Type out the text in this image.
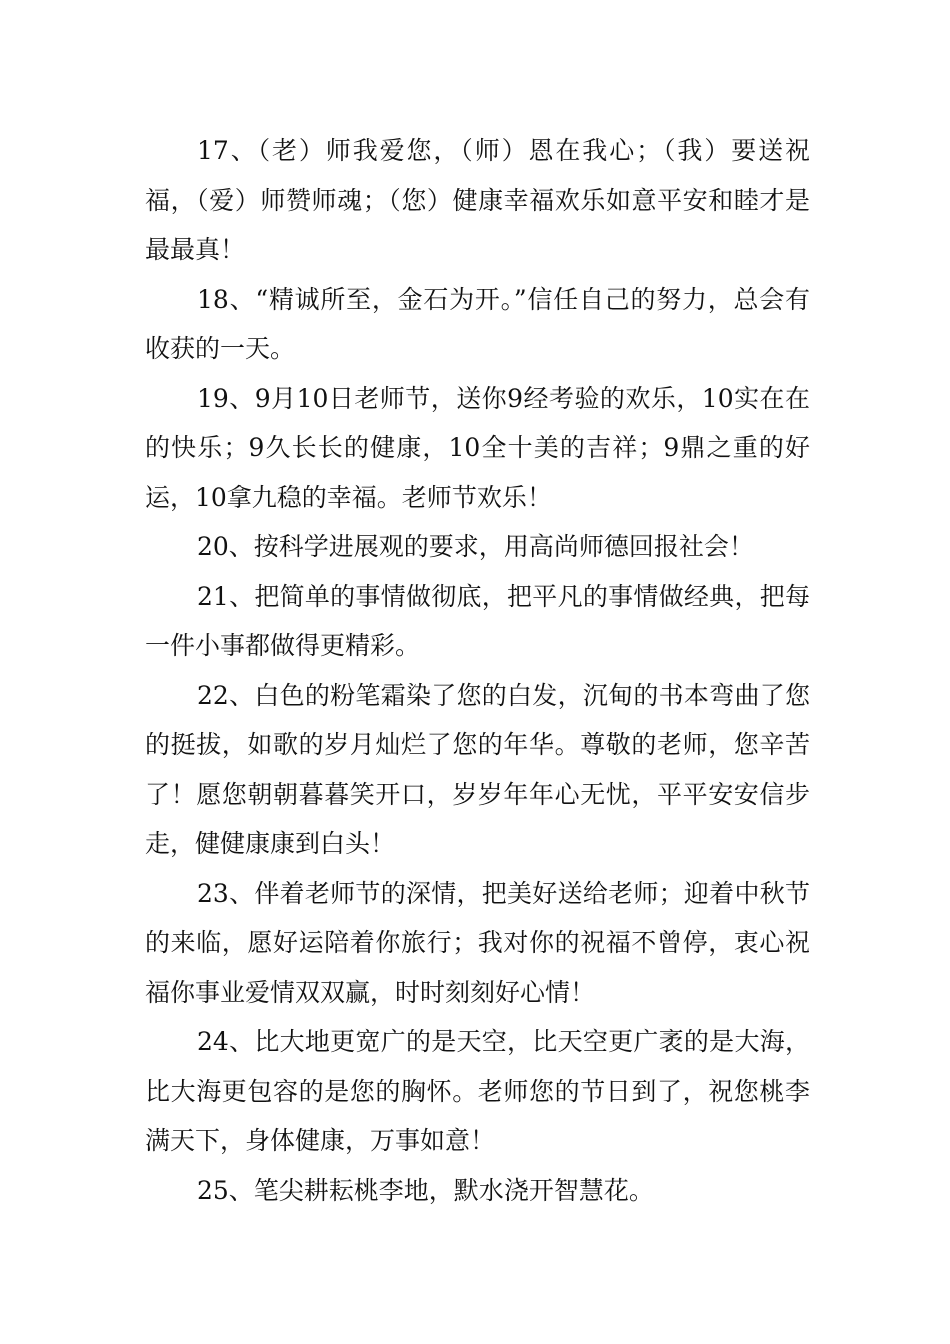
17、（老）师我爱您，（师）恩在我心；（我）要送祝福，（爱）师赞师魂；（您）健康幸福欢乐如意平安和睦才是最最真！

18、“精诚所至，金石为开。”信任自己的努力，总会有收获的一天。

19、9月10日老师节，送你9经考验的欢乐，10实在在的快乐；9久长长的健康，10全十美的吉祥；9鼎之重的好运，10拿九稳的幸福。老师节欢乐！

20、按科学进展观的要求，用高尚师德回报社会！

21、把简单的事情做彻底，把平凡的事情做经典，把每一件小事都做得更精彩。

22、白色的粉笔霜染了您的白发，沉甸的书本弯曲了您的挺拔，如歌的岁月灿烂了您的年华。尊敬的老师，您辛苦了！愿您朝朝暮暮笑开口，岁岁年年心无忧，平平安安信步走，健健康康到白头！

23、伴着老师节的深情，把美好送给老师；迎着中秋节的来临，愿好运陪着你旅行；我对你的祝福不曾停，衷心祝福你事业爱情双双赢，时时刻刻好心情！

24、比大地更宽广的是天空，比天空更广袤的是大海，比大海更包容的是您的胸怀。老师您的节日到了，祝您桃李满天下，身体健康，万事如意！

25、笔尖耕耘桃李地，默水浇开智慧花。
